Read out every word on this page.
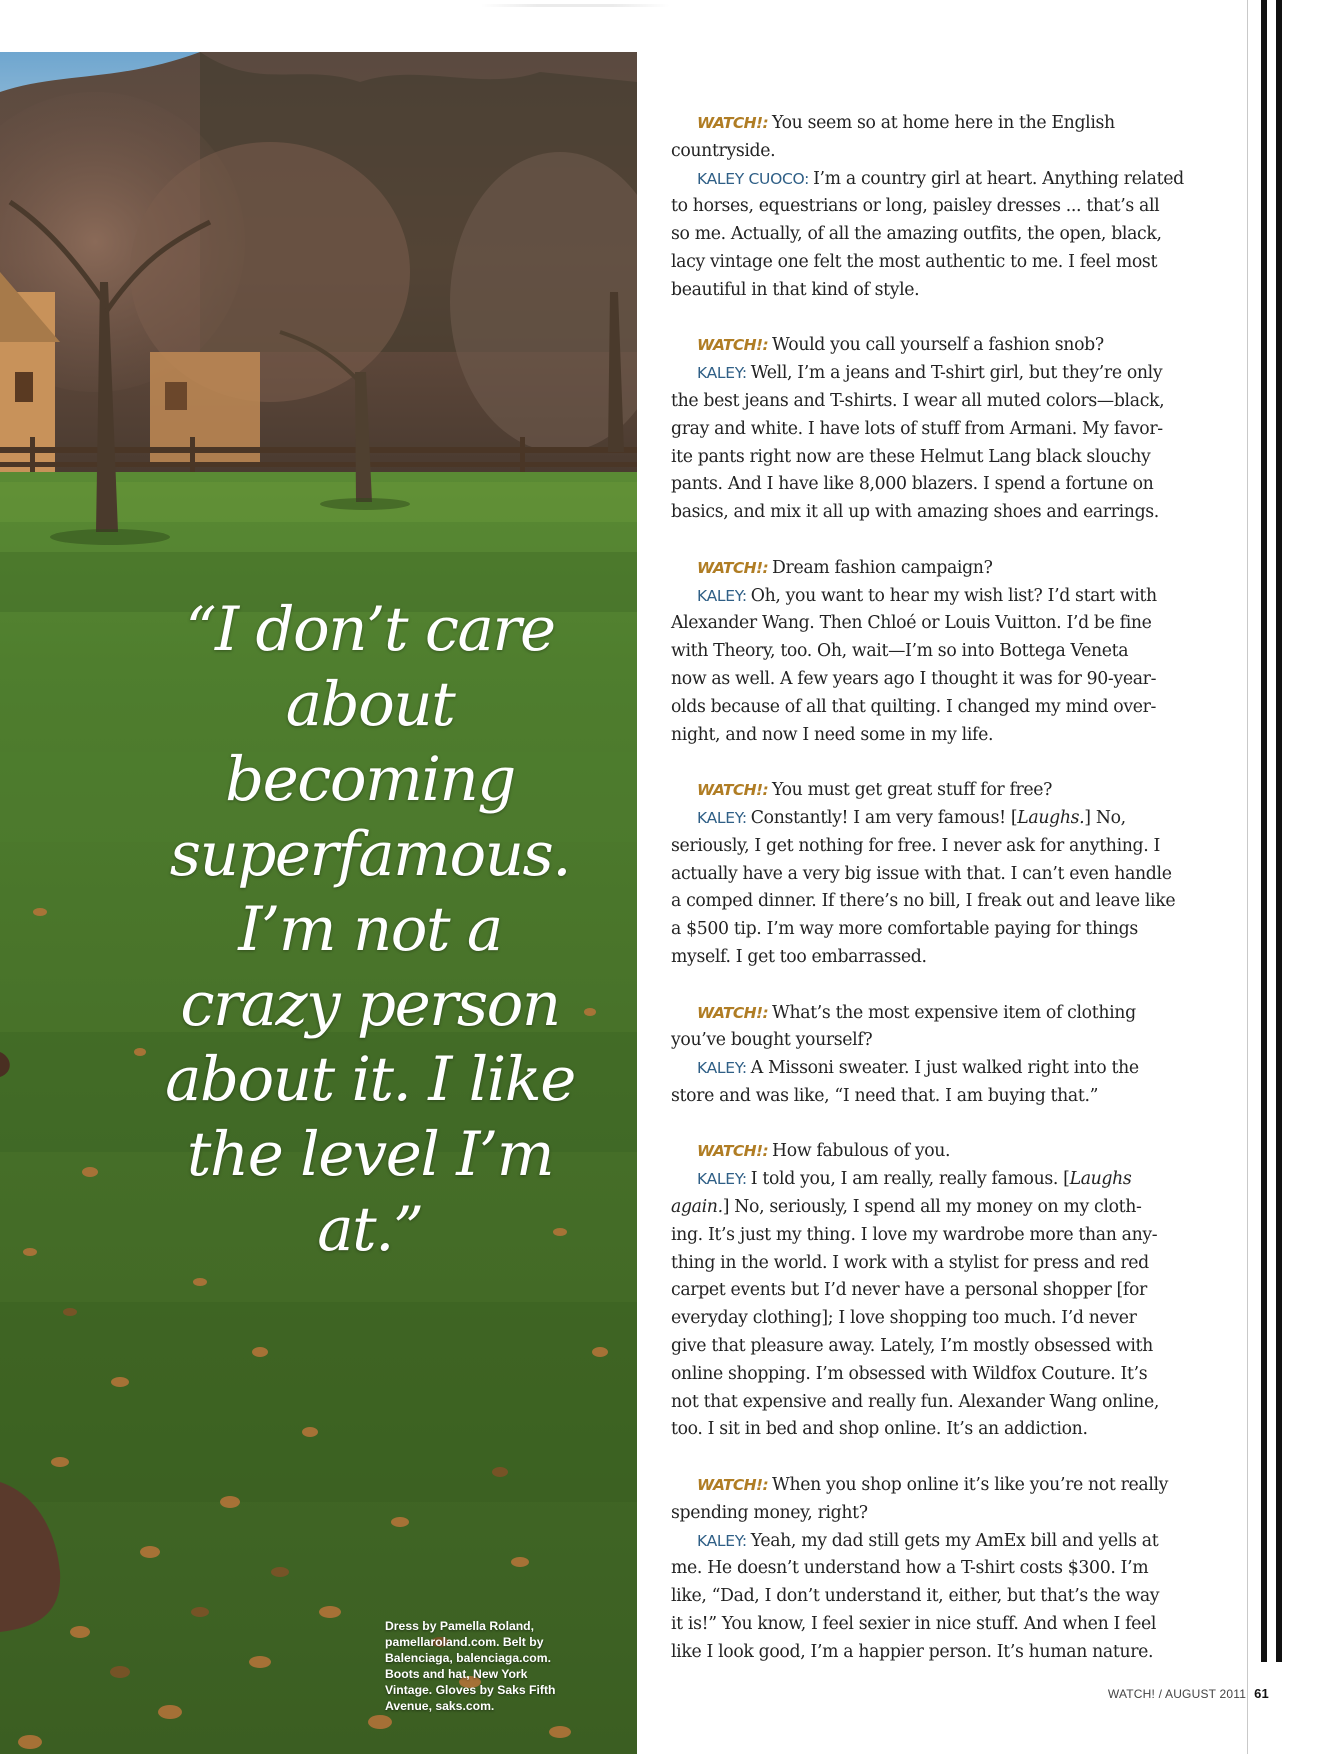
“I don’t care about becoming superfamous. I’m not a crazy person about it. I like the level I’m at.”

Dress by Pamella Roland, pamellaroland.com. Belt by Balenciaga, balenciaga.com. Boots and hat, New York Vintage. Gloves by Saks Fifth Avenue, saks.com.

WATCH!: You seem so at home here in the English

countryside.

KALEY CUOCO: I’m a country girl at heart. Anything related

to horses, equestrians or long, paisley dresses ... that’s all

so me. Actually, of all the amazing outfits, the open, black,

lacy vintage one felt the most authentic to me. I feel most

beautiful in that kind of style.

WATCH!: Would you call yourself a fashion snob?

KALEY: Well, I’m a jeans and T-shirt girl, but they’re only

the best jeans and T-shirts. I wear all muted colors—black,

gray and white. I have lots of stuff from Armani. My favor-

ite pants right now are these Helmut Lang black slouchy

pants. And I have like 8,000 blazers. I spend a fortune on

basics, and mix it all up with amazing shoes and earrings.

WATCH!: Dream fashion campaign?

KALEY: Oh, you want to hear my wish list? I’d start with

Alexander Wang. Then Chloé or Louis Vuitton. I’d be fine

with Theory, too. Oh, wait—I’m so into Bottega Veneta

now as well. A few years ago I thought it was for 90-year-

olds because of all that quilting. I changed my mind over-

night, and now I need some in my life.

WATCH!: You must get great stuff for free?

KALEY: Constantly! I am very famous! [Laughs.] No,

seriously, I get nothing for free. I never ask for anything. I

actually have a very big issue with that. I can’t even handle

a comped dinner. If there’s no bill, I freak out and leave like

a $500 tip. I’m way more comfortable paying for things

myself. I get too embarrassed.

WATCH!: What’s the most expensive item of clothing

you’ve bought yourself?

KALEY: A Missoni sweater. I just walked right into the

store and was like, “I need that. I am buying that.”

WATCH!: How fabulous of you.

KALEY: I told you, I am really, really famous. [Laughs

again.] No, seriously, I spend all my money on my cloth-

ing. It’s just my thing. I love my wardrobe more than any-

thing in the world. I work with a stylist for press and red

carpet events but I’d never have a personal shopper [for

everyday clothing]; I love shopping too much. I’d never

give that pleasure away. Lately, I’m mostly obsessed with

online shopping. I’m obsessed with Wildfox Couture. It’s

not that expensive and really fun. Alexander Wang online,

too. I sit in bed and shop online. It’s an addiction.

WATCH!: When you shop online it’s like you’re not really

spending money, right?

KALEY: Yeah, my dad still gets my AmEx bill and yells at

me. He doesn’t understand how a T-shirt costs $300. I’m

like, “Dad, I don’t understand it, either, but that’s the way

it is!” You know, I feel sexier in nice stuff. And when I feel

like I look good, I’m a happier person. It’s human nature.

WATCH! / AUGUST 2011 61
